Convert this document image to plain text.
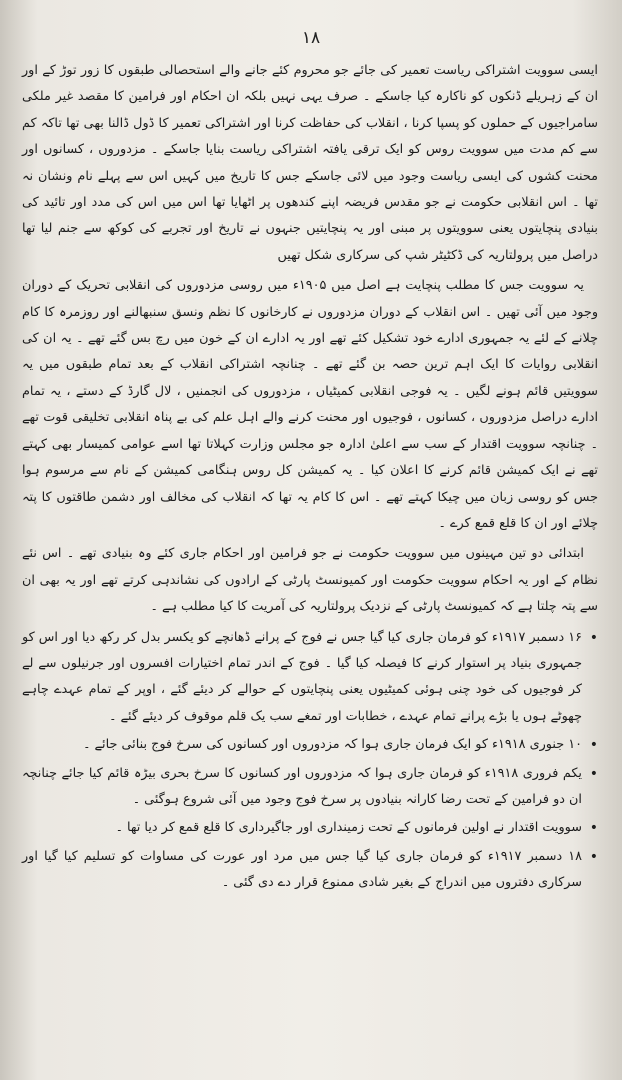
۱۸

ایسی سوویت اشتراکی ریاست تعمیر کی جائے جو محروم کئے جانے والے استحصالی طبقوں کا زور توڑ کے اور ان کے زہریلے ڈنکوں کو ناکارہ کیا جاسکے ۔ صرف یہی نہیں بلکہ ان احکام اور فرامین کا مقصد غیر ملکی سامراجیوں کے حملوں کو پسپا کرنا ، انقلاب کی حفاظت کرنا اور اشتراکی تعمیر کا ڈول ڈالنا بھی تھا تاکہ کم سے کم مدت میں سوویت روس کو ایک ترقی یافتہ اشتراکی ریاست بنایا جاسکے ۔ مزدوروں ، کسانوں اور محنت کشوں کی ایسی ریاست وجود میں لائی جاسکے جس کا تاریخ میں کہیں اس سے پہلے نام ونشان نہ تھا ۔ اس انقلابی حکومت نے جو مقدس فریضہ اپنے کندھوں پر اٹھایا تھا اس میں اس کی مدد اور تائید کی بنیادی پنچایتوں یعنی سوویتوں پر مبنی اور یہ پنچایتیں جنہوں نے تاریخ اور تجربے کی کوکھ سے جنم لیا تھا دراصل میں پرولتاریہ کی ڈکٹیٹر شپ کی سرکاری شکل تھیں

یہ سوویت جس کا مطلب پنچایت ہے اصل میں ۱۹۰۵ء میں روسی مزدوروں کی انقلابی تحریک کے دوران وجود میں آئی تھیں ۔ اس انقلاب کے دوران مزدوروں نے کارخانوں کا نظم ونسق سنبھالنے اور روزمرہ کا کام چلانے کے لئے یہ جمہوری ادارے خود تشکیل کئے تھے اور یہ ادارے ان کے خون میں رچ بس گئے تھے ۔ یہ ان کی انقلابی روایات کا ایک اہم ترین حصہ بن گئے تھے ۔ چنانچہ اشتراکی انقلاب کے بعد تمام طبقوں میں یہ سوویتیں قائم ہونے لگیں ۔ یہ فوجی انقلابی کمیٹیاں ، مزدوروں کی انجمنیں ، لال گارڈ کے دستے ، یہ تمام ادارے دراصل مزدوروں ، کسانوں ، فوجیوں اور محنت کرنے والے اہل علم کی بے پناہ انقلابی تخلیقی قوت تھے ۔ چنانچہ سوویت اقتدار کے سب سے اعلیٰ ادارہ جو مجلس وزارت کہلاتا تھا اسے عوامی کمیسار بھی کہتے تھے نے ایک کمیشن قائم کرنے کا اعلان کیا ۔ یہ کمیشن کل روس ہنگامی کمیشن کے نام سے مرسوم ہوا جس کو روسی زبان میں چیکا کہتے تھے ۔ اس کا کام یہ تھا کہ انقلاب کی مخالف اور دشمن طاقتوں کا پتہ چلائے اور ان کا قلع قمع کرے ۔

ابتدائی دو تین مہینوں میں سوویت حکومت نے جو فرامین اور احکام جاری کئے وہ بنیادی تھے ۔ اس نئے نظام کے اور یہ احکام سوویت حکومت اور کمیونسٹ پارٹی کے ارادوں کی نشاندہی کرتے تھے اور یہ بھی ان سے پتہ چلتا ہے کہ کمیونسٹ پارٹی کے نزدیک پرولتاریہ کی آمریت کا کیا مطلب ہے ۔

•
۱۶ دسمبر ۱۹۱۷ء کو فرمان جاری کیا گیا جس نے فوج کے پرانے ڈھانچے کو یکسر بدل کر رکھ دیا اور اس کو جمہوری بنیاد پر استوار کرنے کا فیصلہ کیا گیا ۔ فوج کے اندر تمام اختیارات افسروں اور جرنیلوں سے لے کر فوجیوں کی خود چنی ہوئی کمیٹیوں یعنی پنچایتوں کے حوالے کر دیئے گئے ، اوپر کے تمام عہدے چاہے چھوٹے ہوں یا بڑے پرانے تمام عہدے ، خطابات اور تمغے سب یک قلم موقوف کر دیئے گئے ۔
•
۱۰ جنوری ۱۹۱۸ء کو ایک فرمان جاری ہوا کہ مزدوروں اور کسانوں کی سرخ فوج بنائی جائے ۔
•
یکم فروری ۱۹۱۸ء کو فرمان جاری ہوا کہ مزدوروں اور کسانوں کا سرخ بحری بیڑہ قائم کیا جائے چنانچہ ان دو فرامین کے تحت رضا کارانہ بنیادوں پر سرخ فوج وجود میں آئی شروع ہوگئی ۔
•
سوویت اقتدار نے اولین فرمانوں کے تحت زمینداری اور جاگیرداری کا قلع قمع کر دیا تھا ۔
•
۱۸ دسمبر ۱۹۱۷ء کو فرمان جاری کیا گیا جس میں مرد اور عورت کی مساوات کو تسلیم کیا گیا اور سرکاری دفتروں میں اندراج کے بغیر شادی ممنوع قرار دے دی گئی ۔
